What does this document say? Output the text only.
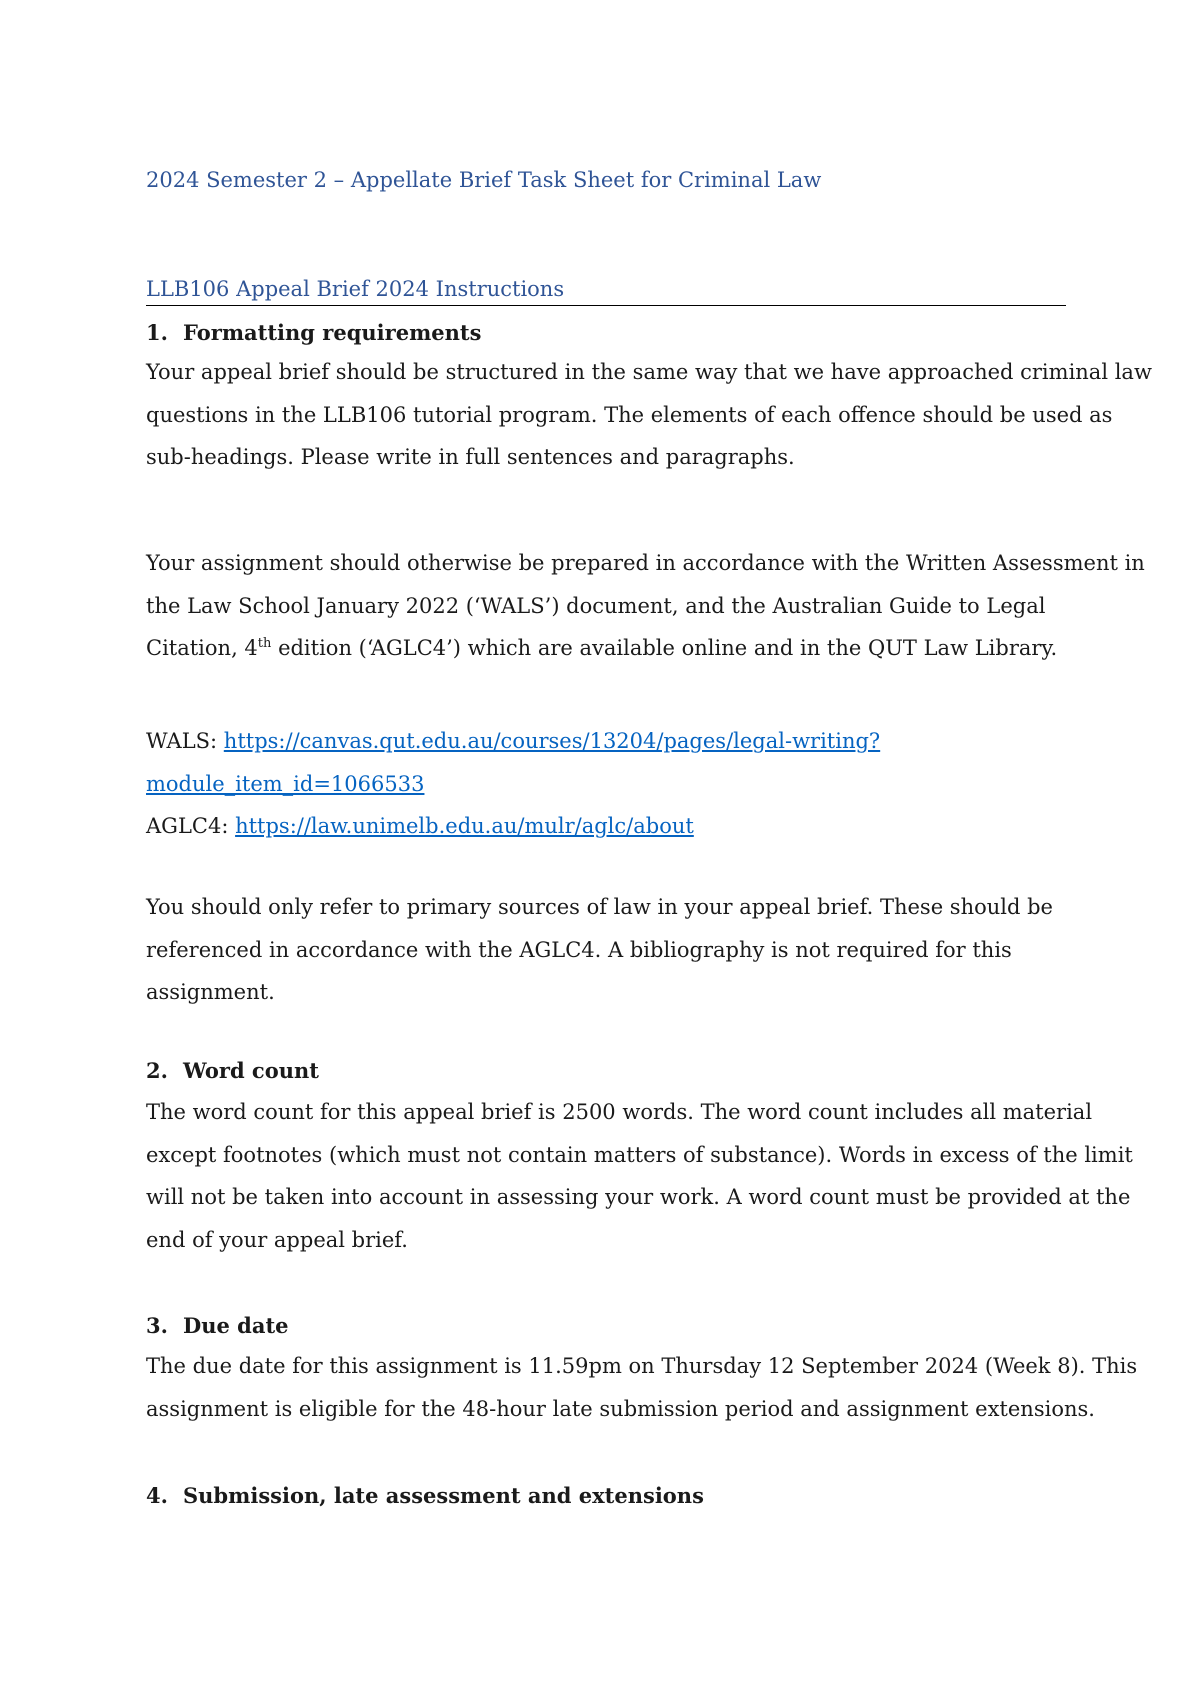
2024 Semester 2 – Appellate Brief Task Sheet for Criminal Law
LLB106 Appeal Brief 2024 Instructions
1. Formatting requirements
Your appeal brief should be structured in the same way that we have approached criminal law
questions in the LLB106 tutorial program. The elements of each offence should be used as
sub-headings. Please write in full sentences and paragraphs.
Your assignment should otherwise be prepared in accordance with the Written Assessment in
the Law School January 2022 (‘WALS’) document, and the Australian Guide to Legal
Citation, 4th edition (‘AGLC4’) which are available online and in the QUT Law Library.
WALS: https://canvas.qut.edu.au/courses/13204/pages/legal-writing?
module_item_id=1066533
AGLC4: https://law.unimelb.edu.au/mulr/aglc/about
You should only refer to primary sources of law in your appeal brief. These should be
referenced in accordance with the AGLC4. A bibliography is not required for this
assignment.
2. Word count
The word count for this appeal brief is 2500 words. The word count includes all material
except footnotes (which must not contain matters of substance). Words in excess of the limit
will not be taken into account in assessing your work. A word count must be provided at the
end of your appeal brief.
3. Due date
The due date for this assignment is 11.59pm on Thursday 12 September 2024 (Week 8). This
assignment is eligible for the 48-hour late submission period and assignment extensions.
4. Submission, late assessment and extensions
